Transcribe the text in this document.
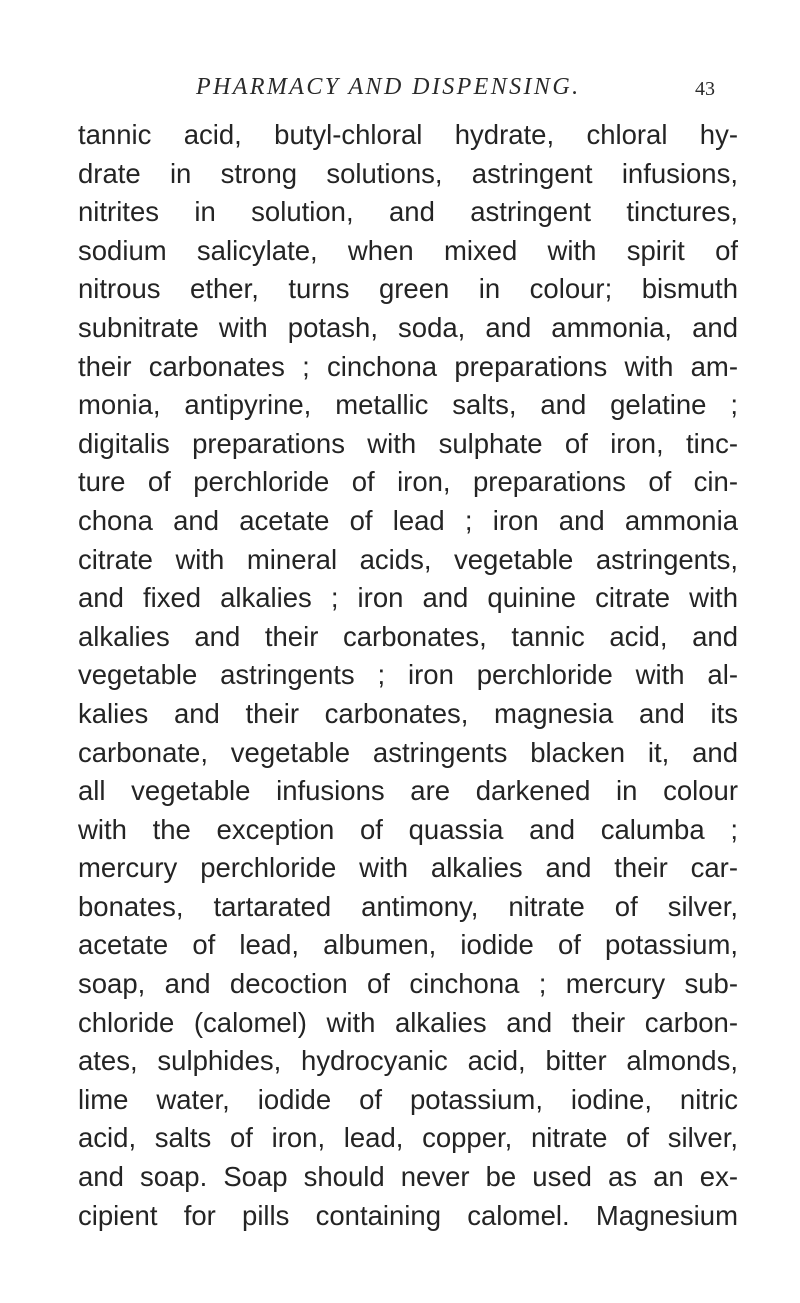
PHARMACY AND DISPENSING.	43
tannic acid, butyl-chloral hydrate, chloral hy-
drate in strong solutions, astringent infusions,
nitrites in solution, and astringent tinctures,
sodium salicylate, when mixed with spirit of
nitrous ether, turns green in colour; bismuth
subnitrate with potash, soda, and ammonia, and
their carbonates ; cinchona preparations with am-
monia, antipyrine, metallic salts, and gelatine ;
digitalis preparations with sulphate of iron, tinc-
ture of perchloride of iron, preparations of cin-
chona and acetate of lead ; iron and ammonia
citrate with mineral acids, vegetable astringents,
and fixed alkalies ; iron and quinine citrate with
alkalies and their carbonates, tannic acid, and
vegetable astringents ; iron perchloride with al-
kalies and their carbonates, magnesia and its
carbonate, vegetable astringents blacken it, and
all vegetable infusions are darkened in colour
with the exception of quassia and calumba ;
mercury perchloride with alkalies and their car-
bonates, tartarated antimony, nitrate of silver,
acetate of lead, albumen, iodide of potassium,
soap, and decoction of cinchona ; mercury sub-
chloride (calomel) with alkalies and their carbon-
ates, sulphides, hydrocyanic acid, bitter almonds,
lime water, iodide of potassium, iodine, nitric
acid, salts of iron, lead, copper, nitrate of silver,
and soap. Soap should never be used as an ex-
cipient for pills containing calomel. Magnesium
